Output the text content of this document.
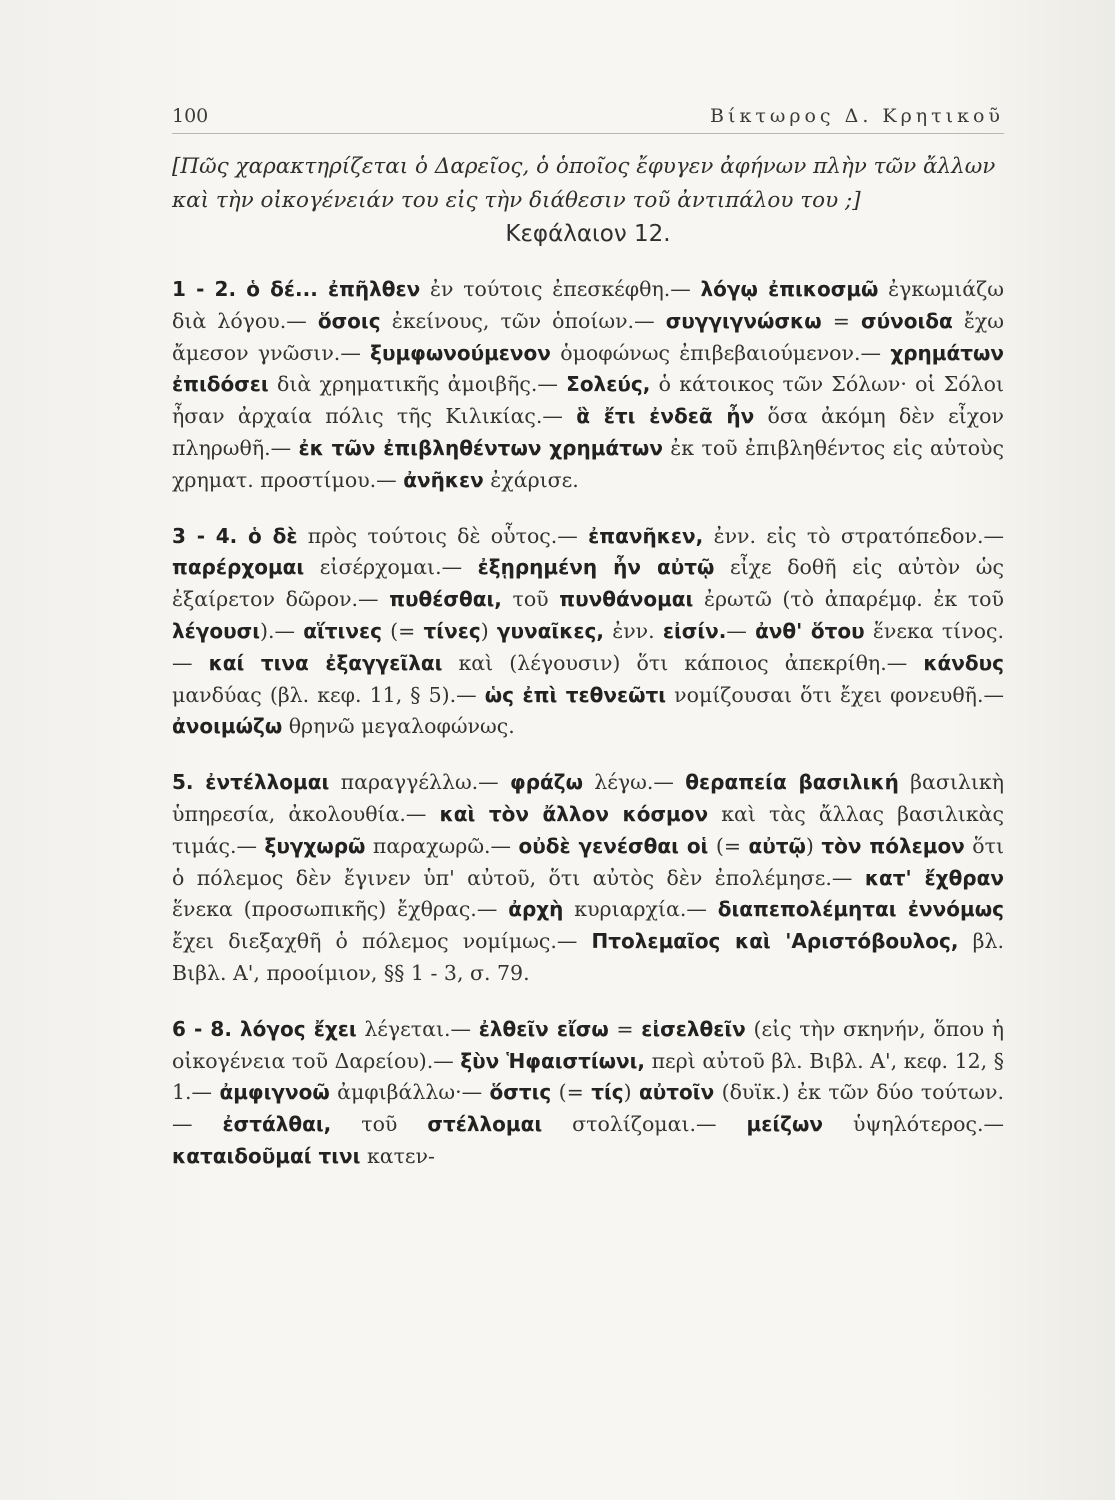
100	Βίκτωρος Δ. Κρητικοῦ

[Πῶς χαρακτηρίζεται ὁ Δαρεῖος, ὁ ὁποῖος ἔφυγεν ἀφήνων πλὴν τῶν ἄλλων καὶ τὴν οἰκογένειάν του εἰς τὴν διάθεσιν τοῦ ἀντιπάλου του ;]

Κεφάλαιον 12.

1 - 2. ὁ δέ... ἐπῆλθεν ἐν τούτοις ἐπεσκέφθη.— λόγῳ ἐπικοσμῶ ἐγκωμιάζω διὰ λόγου.— ὅσοις ἐκείνους, τῶν ὁποίων.— συγγιγνώσκω = σύνοιδα ἔχω ἄμεσον γνῶσιν.— ξυμφωνούμενον ὁμοφώνως ἐπιβεβαιούμενον.— χρημάτων ἐπιδόσει διὰ χρηματικῆς ἀμοιβῆς.— Σολεύς, ὁ κάτοικος τῶν Σόλων· οἱ Σόλοι ἦσαν ἀρχαία πόλις τῆς Κιλικίας.— ἃ ἔτι ἐνδεᾶ ἦν ὅσα ἀκόμη δὲν εἶχον πληρωθῆ.— ἐκ τῶν ἐπιβληθέντων χρημάτων ἐκ τοῦ ἐπιβληθέντος εἰς αὐτοὺς χρηματ. προστίμου.— ἀνῆκεν ἐχάρισε.

3 - 4. ὁ δὲ πρὸς τούτοις δὲ οὗτος.— ἐπανῆκεν, ἐνν. εἰς τὸ στρατόπεδον.— παρέρχομαι εἰσέρχομαι.— ἐξῃρημένη ἦν αὐτῷ εἶχε δοθῆ εἰς αὐτὸν ὡς ἐξαίρετον δῶρον.— πυθέσθαι, τοῦ πυνθάνομαι ἐρωτῶ (τὸ ἀπαρέμφ. ἐκ τοῦ λέγουσι).— αἵτινες (= τίνες) γυναῖκες, ἐνν. εἰσίν.— ἀνθ' ὅτου ἕνεκα τίνος.— καί τινα ἐξαγγεῖλαι καὶ (λέγουσιν) ὅτι κάποιος ἀπεκρίθη.— κάνδυς μανδύας (βλ. κεφ. 11, § 5).— ὡς ἐπὶ τεθνεῶτι νομίζουσαι ὅτι ἔχει φονευθῆ.— ἀνοιμώζω θρηνῶ μεγαλοφώνως.

5. ἐντέλλομαι παραγγέλλω.— φράζω λέγω.— θεραπεία βασιλική βασιλικὴ ὑπηρεσία, ἀκολουθία.— καὶ τὸν ἄλλον κόσμον καὶ τὰς ἄλλας βασιλικὰς τιμάς.— ξυγχωρῶ παραχωρῶ.— οὐδὲ γενέσθαι οἱ (= αὐτῷ) τὸν πόλεμον ὅτι ὁ πόλεμος δὲν ἔγινεν ὑπ' αὐτοῦ, ὅτι αὐτὸς δὲν ἐπολέμησε.— κατ' ἔχθραν ἕνεκα (προσωπικῆς) ἔχθρας.— ἀρχὴ κυριαρχία.— διαπεπολέμηται ἐννόμως ἔχει διεξαχθῆ ὁ πόλεμος νομίμως.— Πτολεμαῖος καὶ 'Αριστόβουλος, βλ. Βιβλ. Α', προοίμιον, §§ 1 - 3, σ. 79.

6 - 8. λόγος ἔχει λέγεται.— ἐλθεῖν εἴσω = εἰσελθεῖν (εἰς τὴν σκηνήν, ὅπου ἡ οἰκογένεια τοῦ Δαρείου).— ξὺν Ἡφαιστίωνι, περὶ αὐτοῦ βλ. Βιβλ. Α', κεφ. 12, § 1.— ἀμφιγνοῶ ἀμφιβάλλω·— ὅστις (= τίς) αὐτοῖν (δυϊκ.) ἐκ τῶν δύο τούτων.— ἐστάλθαι, τοῦ στέλλομαι στολίζομαι.— μείζων ὑψηλότερος.— καταιδοῦμαί τινι κατεν-
